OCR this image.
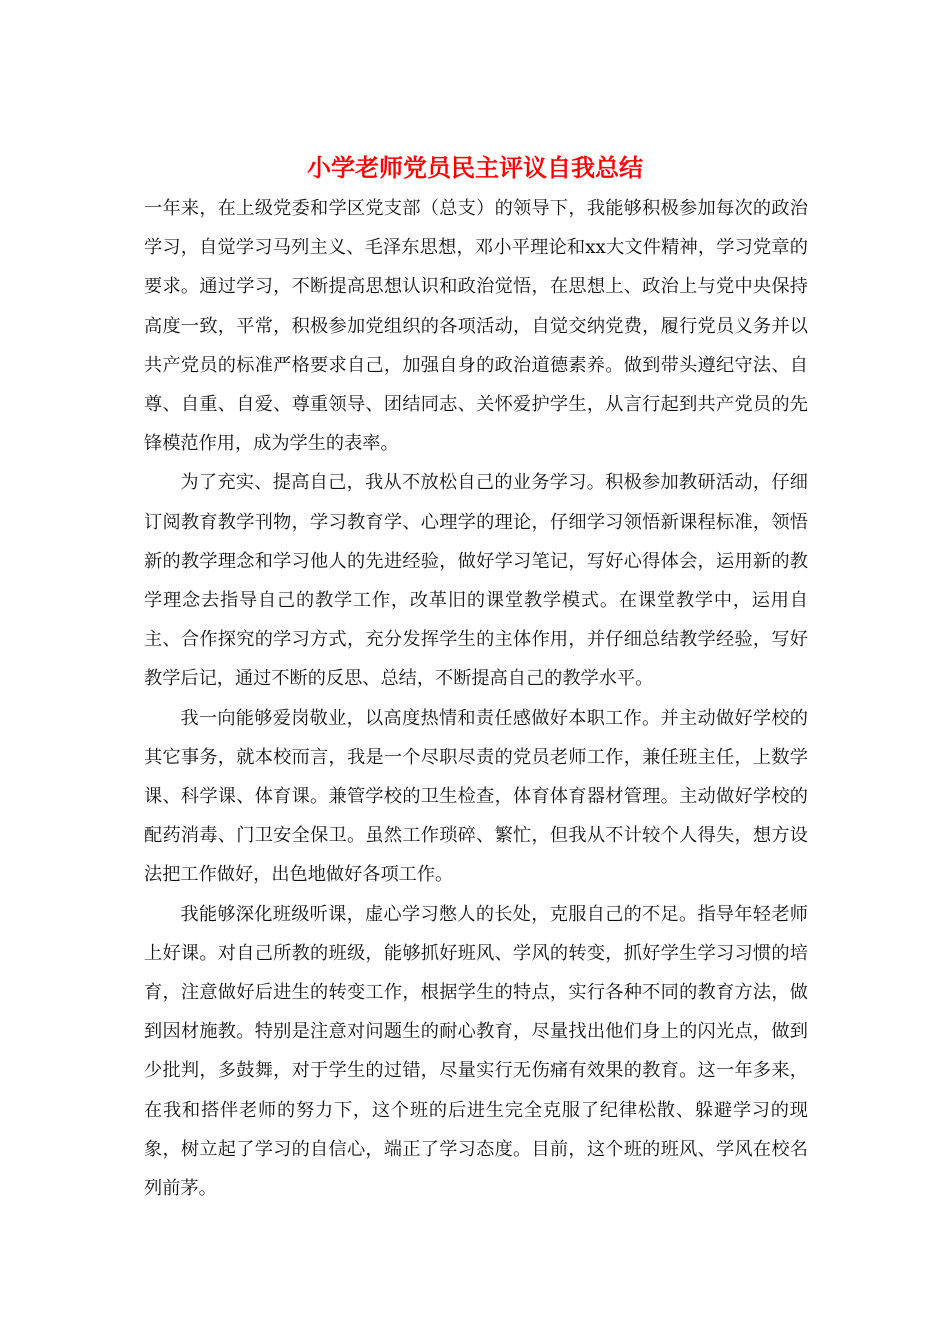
小学老师党员民主评议自我总结

一年来，在上级党委和学区党支部（总支）的领导下，我能够积极参加每次的政治学习，自觉学习马列主义、毛泽东思想，邓小平理论和xx大文件精神，学习党章的要求。通过学习，不断提高思想认识和政治觉悟，在思想上、政治上与党中央保持高度一致，平常，积极参加党组织的各项活动，自觉交纳党费，履行党员义务并以共产党员的标准严格要求自己，加强自身的政治道德素养。做到带头遵纪守法、自尊、自重、自爱、尊重领导、团结同志、关怀爱护学生，从言行起到共产党员的先锋模范作用，成为学生的表率。

为了充实、提高自己，我从不放松自己的业务学习。积极参加教研活动，仔细订阅教育教学刊物，学习教育学、心理学的理论，仔细学习领悟新课程标准，领悟新的教学理念和学习他人的先进经验，做好学习笔记，写好心得体会，运用新的教学理念去指导自己的教学工作，改革旧的课堂教学模式。在课堂教学中，运用自主、合作探究的学习方式，充分发挥学生的主体作用，并仔细总结教学经验，写好教学后记，通过不断的反思、总结，不断提高自己的教学水平。

我一向能够爱岗敬业，以高度热情和责任感做好本职工作。并主动做好学校的其它事务，就本校而言，我是一个尽职尽责的党员老师工作，兼任班主任，上数学课、科学课、体育课。兼管学校的卫生检查，体育体育器材管理。主动做好学校的配药消毒、门卫安全保卫。虽然工作琐碎、繁忙，但我从不计较个人得失，想方设法把工作做好，出色地做好各项工作。

我能够深化班级听课，虚心学习憋人的长处，克服自己的不足。指导年轻老师上好课。对自己所教的班级，能够抓好班风、学风的转变，抓好学生学习习惯的培育，注意做好后进生的转变工作，根据学生的特点，实行各种不同的教育方法，做到因材施教。特别是注意对问题生的耐心教育，尽量找出他们身上的闪光点，做到少批判，多鼓舞，对于学生的过错，尽量实行无伤痛有效果的教育。这一年多来，在我和搭伴老师的努力下，这个班的后进生完全克服了纪律松散、躲避学习的现象，树立起了学习的自信心，端正了学习态度。目前，这个班的班风、学风在校名列前茅。
